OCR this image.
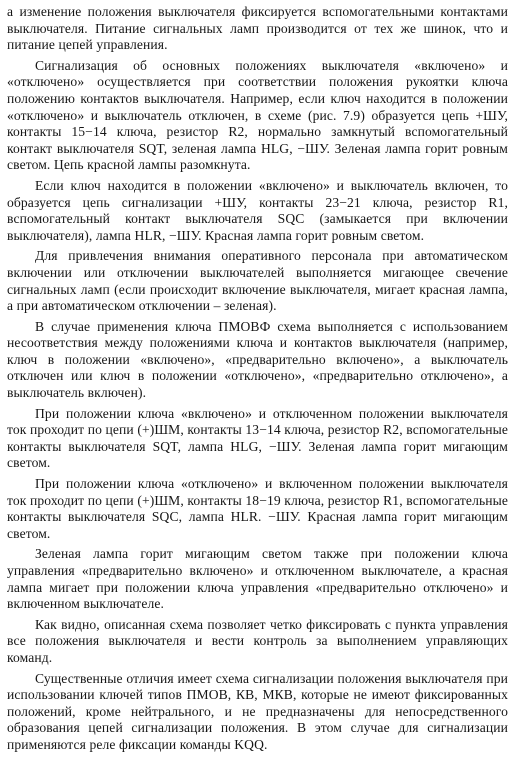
а изменение положения выключателя фиксируется вспомогательными контактами выключателя. Питание сигнальных ламп производится от тех же шинок, что и питание цепей управления.

Сигнализация об основных положениях выключателя «включено» и «отключено» осуществляется при соответствии положения рукоятки ключа положению контактов выключателя. Например, если ключ находится в положении «отключено» и выключатель отключен, в схеме (рис. 7.9) образуется цепь +ШУ, контакты 15−14 ключа, резистор R2, нормально замкнутый вспомогательный контакт выключателя SQT, зеленая лампа HLG, −ШУ. Зеленая лампа горит ровным светом. Цепь красной лампы разомкнута.

Если ключ находится в положении «включено» и выключатель включен, то образуется цепь сигнализации +ШУ, контакты 23−21 ключа, резистор R1, вспомогательный контакт выключателя SQC (замыкается при включении выключателя), лампа HLR, −ШУ. Красная лампа горит ровным светом.

Для привлечения внимания оперативного персонала при автоматическом включении или отключении выключателей выполняется мигающее свечение сигнальных ламп (если происходит включение выключателя, мигает красная лампа, а при автоматическом отключении – зеленая).

В случае применения ключа ПМОВФ схема выполняется с использованием несоответствия между положениями ключа и контактов выключателя (например, ключ в положении «включено», «предварительно включено», а выключатель отключен или ключ в положении «отключено», «предварительно отключено», а выключатель включен).

При положении ключа «включено» и отключенном положении выключателя ток проходит по цепи (+)ШМ, контакты 13−14 ключа, резистор R2, вспомогательные контакты выключателя SQT, лампа HLG, −ШУ. Зеленая лампа горит мигающим светом.

При положении ключа «отключено» и включенном положении выключателя ток проходит по цепи (+)ШМ, контакты 18−19 ключа, резистор R1, вспомогательные контакты выключателя SQC, лампа HLR. −ШУ. Красная лампа горит мигающим светом.

Зеленая лампа горит мигающим светом также при положении ключа управления «предварительно включено» и отключенном выключателе, а красная лампа мигает при положении ключа управления «предварительно отключено» и включенном выключателе.

Как видно, описанная схема позволяет четко фиксировать с пункта управления все положения выключателя и вести контроль за выполнением управляющих команд.

Существенные отличия имеет схема сигнализации положения выключателя при использовании ключей типов ПМОВ, КВ, МКВ, которые не имеют фиксированных положений, кроме нейтрального, и не предназначены для непосредственного образования цепей сигнализации положения. В этом случае для сигнализации применяются реле фиксации команды KQQ.
